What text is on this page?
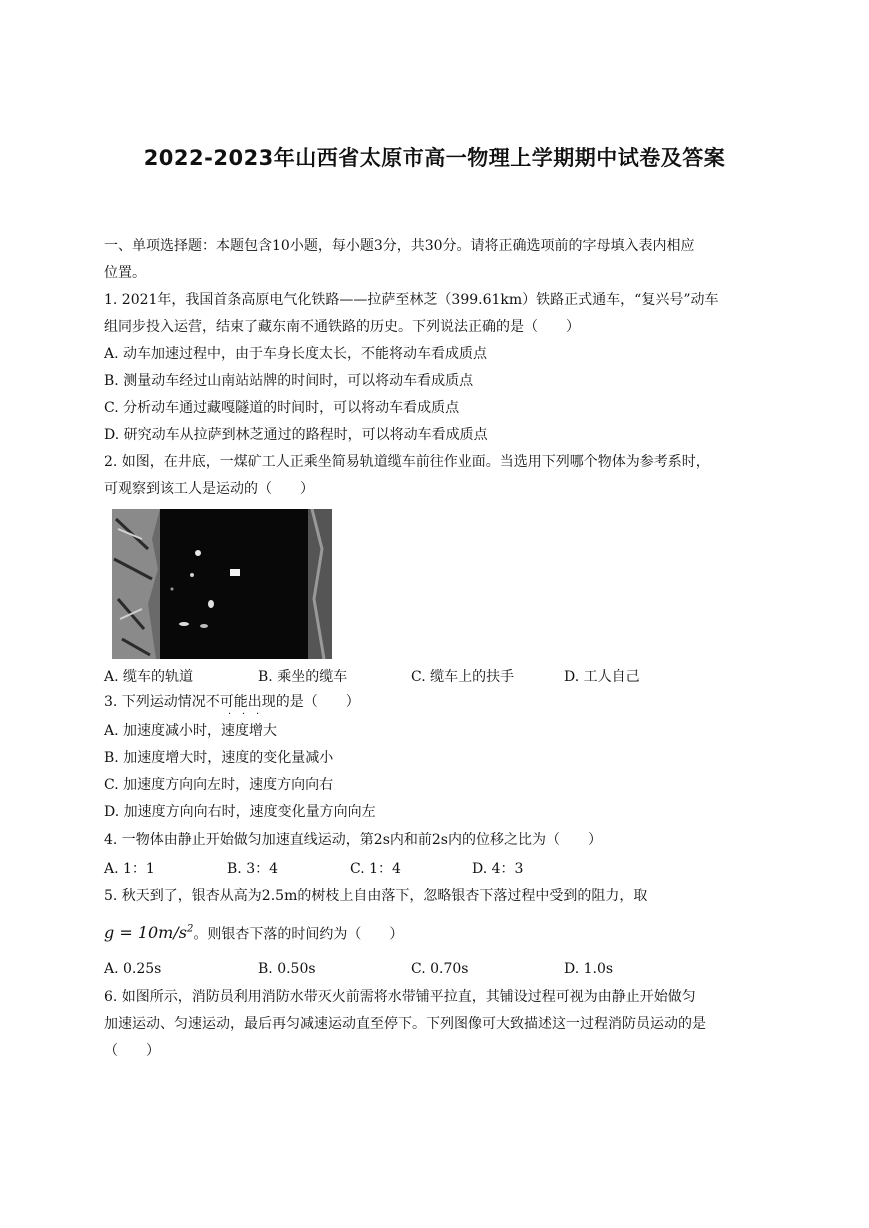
2022-2023年山西省太原市高一物理上学期期中试卷及答案
一、单项选择题：本题包含10小题，每小题3分，共30分。请将正确选项前的字母填入表内相应
位置。
1. 2021年，我国首条高原电气化铁路——拉萨至林芝（399.61km）铁路正式通车，“复兴号”动车
组同步投入运营，结束了藏东南不通铁路的历史。下列说法正确的是（　　）
A. 动车加速过程中，由于车身长度太长，不能将动车看成质点
B. 测量动车经过山南站站牌的时间时，可以将动车看成质点
C. 分析动车通过藏嘎隧道的时间时，可以将动车看成质点
D. 研究动车从拉萨到林芝通过的路程时，可以将动车看成质点
2. 如图，在井底，一煤矿工人正乘坐简易轨道缆车前往作业面。当选用下列哪个物体为参考系时，
可观察到该工人是运动的（　　）
A. 缆车的轨道	B. 乘坐的缆车	C. 缆车上的扶手	D. 工人自己
3. 下列运动情况不可能出现的是（　　）
· · ·
A. 加速度减小时，速度增大
B. 加速度增大时，速度的变化量减小
C. 加速度方向向左时，速度方向向右
D. 加速度方向向右时，速度变化量方向向左
4. 一物体由静止开始做匀加速直线运动，第2s内和前2s内的位移之比为（　　）
A. 1：1	B. 3：4	C. 1：4	D. 4：3
5. 秋天到了，银杏从高为2.5m的树枝上自由落下，忽略银杏下落过程中受到的阻力，取
$g = 10m/s^2$。则银杏下落的时间约为（　　）
A. 0.25s	B. 0.50s	C. 0.70s	D. 1.0s
6. 如图所示，消防员利用消防水带灭火前需将水带铺平拉直，其铺设过程可视为由静止开始做匀
加速运动、匀速运动，最后再匀减速运动直至停下。下列图像可大致描述这一过程消防员运动的是
（　　）
